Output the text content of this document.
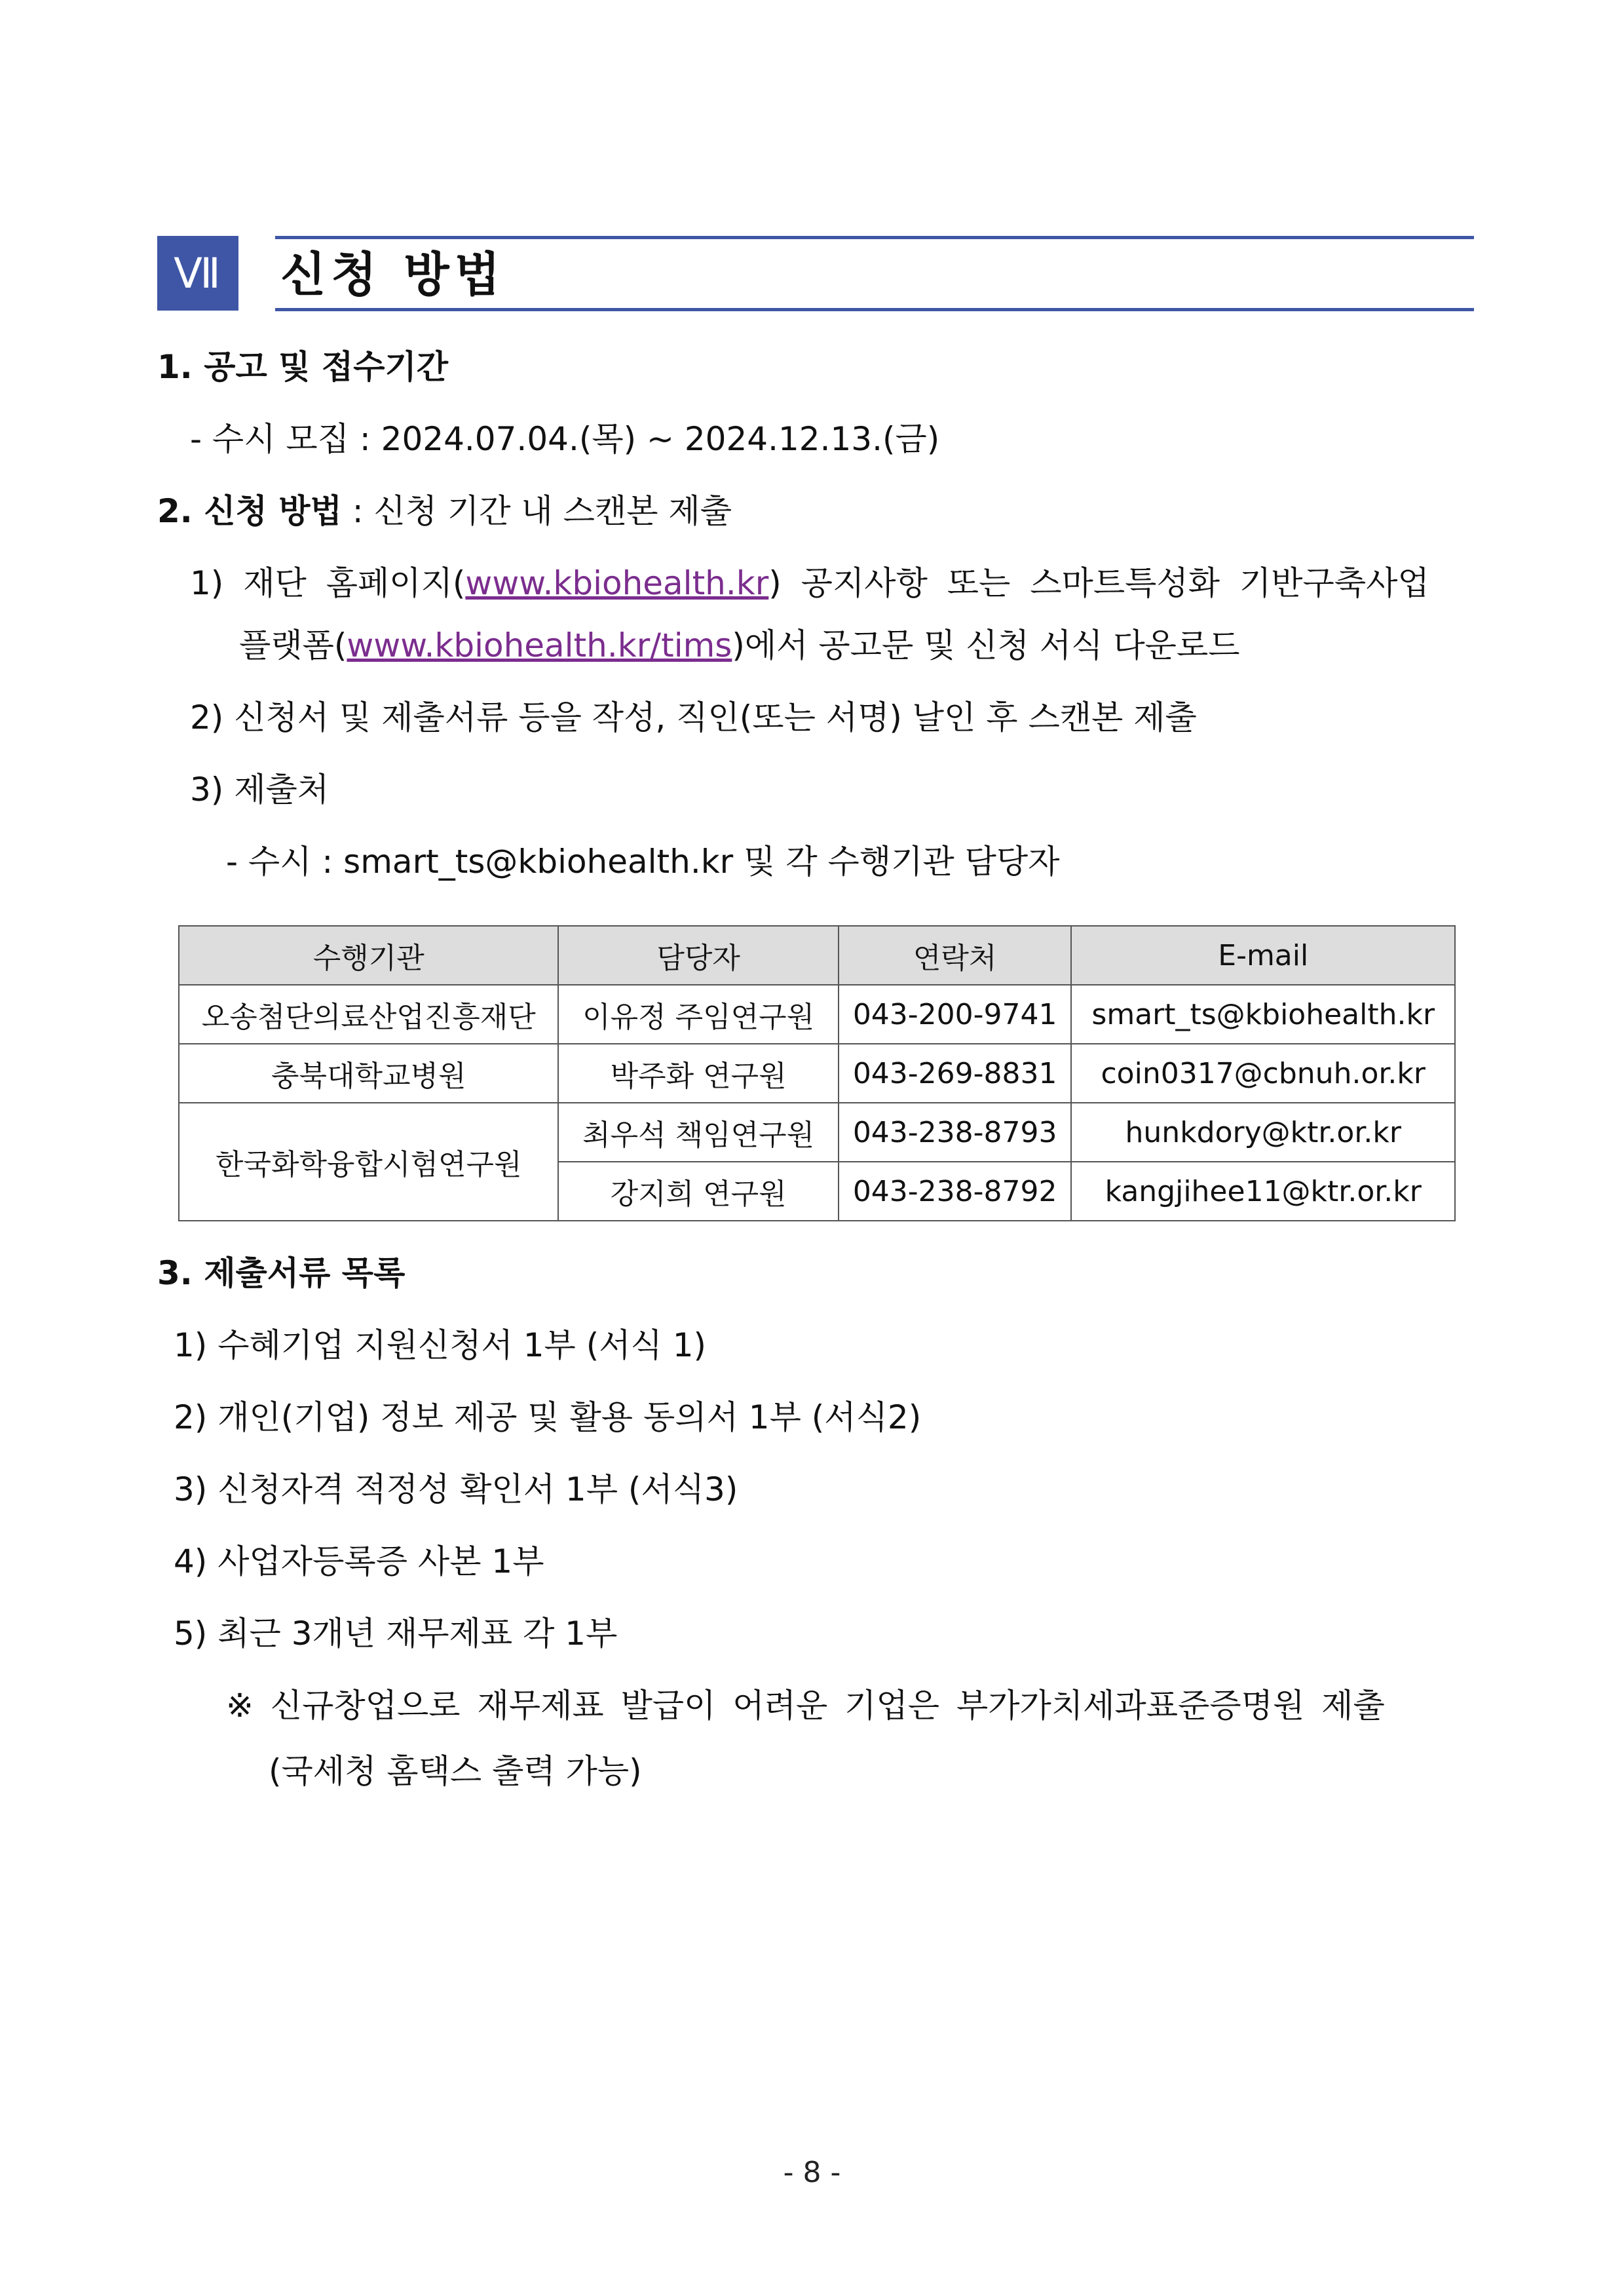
Ⅶ	신청 방법
1. 공고 및 접수기간
- 수시 모집 : 2024.07.04.(목) ~ 2024.12.13.(금)
2. 신청 방법 : 신청 기간 내 스캔본 제출
1) 재단 홈페이지(www.kbiohealth.kr) 공지사항 또는 스마트특성화 기반구축사업
플랫폼(www.kbiohealth.kr/tims)에서 공고문 및 신청 서식 다운로드
2) 신청서 및 제출서류 등을 작성, 직인(또는 서명) 날인 후 스캔본 제출
3) 제출처
- 수시 : smart_ts@kbiohealth.kr 및 각 수행기관 담당자
수행기관	담당자	연락처	E-mail
오송첨단의료산업진흥재단	이유정 주임연구원	043-200-9741	smart_ts@kbiohealth.kr
충북대학교병원	박주화 연구원	043-269-8831	coin0317@cbnuh.or.kr
한국화학융합시험연구원	최우석 책임연구원	043-238-8793	hunkdory@ktr.or.kr
	강지희 연구원	043-238-8792	kangjihee11@ktr.or.kr
3. 제출서류 목록
1) 수혜기업 지원신청서 1부 (서식 1)
2) 개인(기업) 정보 제공 및 활용 동의서 1부 (서식2)
3) 신청자격 적정성 확인서 1부 (서식3)
4) 사업자등록증 사본 1부
5) 최근 3개년 재무제표 각 1부
※ 신규창업으로 재무제표 발급이 어려운 기업은 부가가치세과표준증명원 제출
(국세청 홈택스 출력 가능)
- 8 -
